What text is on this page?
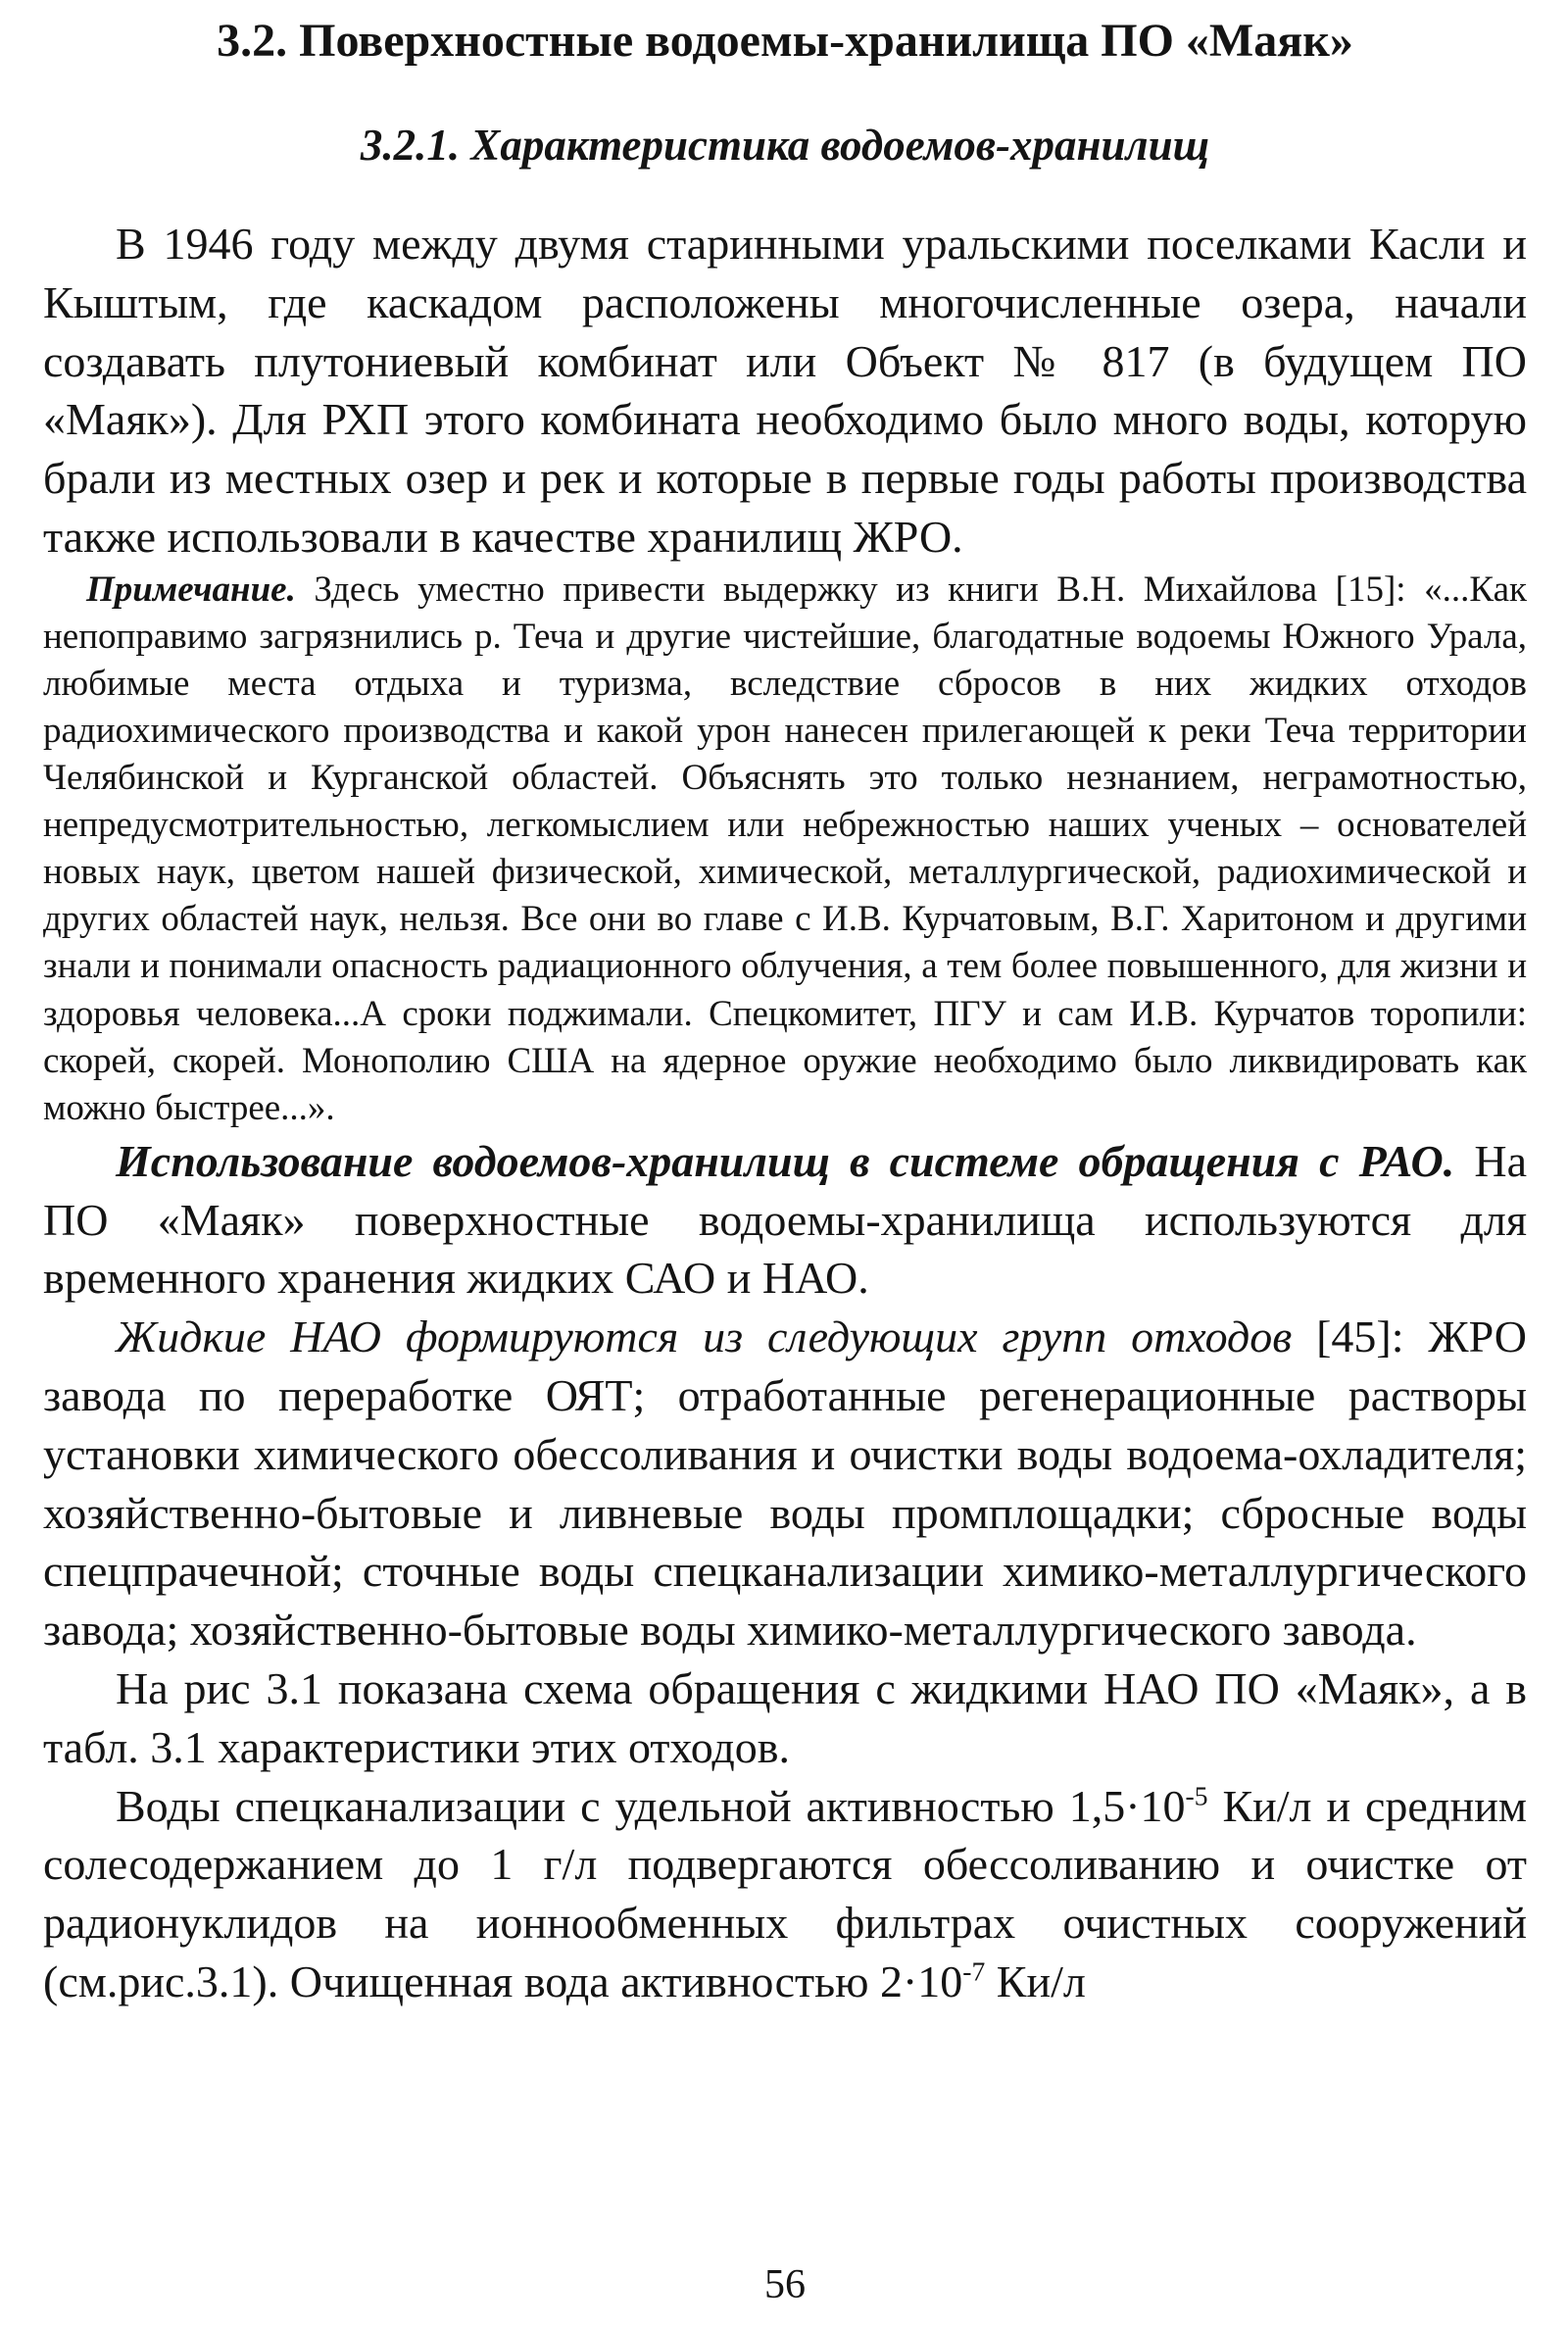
3.2. Поверхностные водоемы-хранилища ПО «Маяк»
3.2.1. Характеристика водоемов-хранилищ

В 1946 году между двумя старинными уральскими поселками Касли и Кыштым, где каскадом расположены многочисленные озера, начали создавать плутониевый комбинат или Объект № 817 (в будущем ПО «Маяк»). Для РХП этого комбината необходимо было много воды, которую брали из местных озер и рек и которые в первые годы работы производства также использовали в качестве хранилищ ЖРО.

Примечание. Здесь уместно привести выдержку из книги В.Н. Михайлова [15]: «...Как непоправимо загрязнились р. Теча и другие чистейшие, благодатные водоемы Южного Урала, любимые места отдыха и туризма, вследствие сбросов в них жидких отходов радиохимического производства и какой урон нанесен прилегающей к реки Теча территории Челябинской и Курганской областей. Объяснять это только незнанием, неграмотностью, непредусмотрительностью, легкомыслием или небрежностью наших ученых – основателей новых наук, цветом нашей физической, химической, металлургической, радиохимической и других областей наук, нельзя. Все они во главе с И.В. Курчатовым, В.Г. Харитоном и другими знали и понимали опасность радиационного облучения, а тем более повышенного, для жизни и здоровья человека...А сроки поджимали. Спецкомитет, ПГУ и сам И.В. Курчатов торопили: скорей, скорей. Монополию США на ядерное оружие необходимо было ликвидировать как можно быстрее...».

Использование водоемов-хранилищ в системе обращения с РАО. На ПО «Маяк» поверхностные водоемы-хранилища используются для временного хранения жидких САО и НАО.

Жидкие НАО формируются из следующих групп отходов [45]: ЖРО завода по переработке ОЯТ; отработанные регенерационные растворы установки химического обессоливания и очистки воды водоема-охладителя; хозяйственно-бытовые и ливневые воды промплощадки; сбросные воды спецпрачечной; сточные воды спецканализации химико-металлургического завода; хозяйственно-бытовые воды химико-металлургического завода.

На рис 3.1 показана схема обращения с жидкими НАО ПО «Маяк», а в табл. 3.1 характеристики этих отходов.

Воды спецканализации с удельной активностью $1,5\cdot 10^{-5}$ Ки/л и средним солесодержанием до 1 г/л подвергаются обессоливанию и очистке от радионуклидов на ионнообменных фильтрах очистных сооружений (см.рис.3.1). Очищенная вода активностью $2\cdot 10^{-7}$ Ки/л

56
